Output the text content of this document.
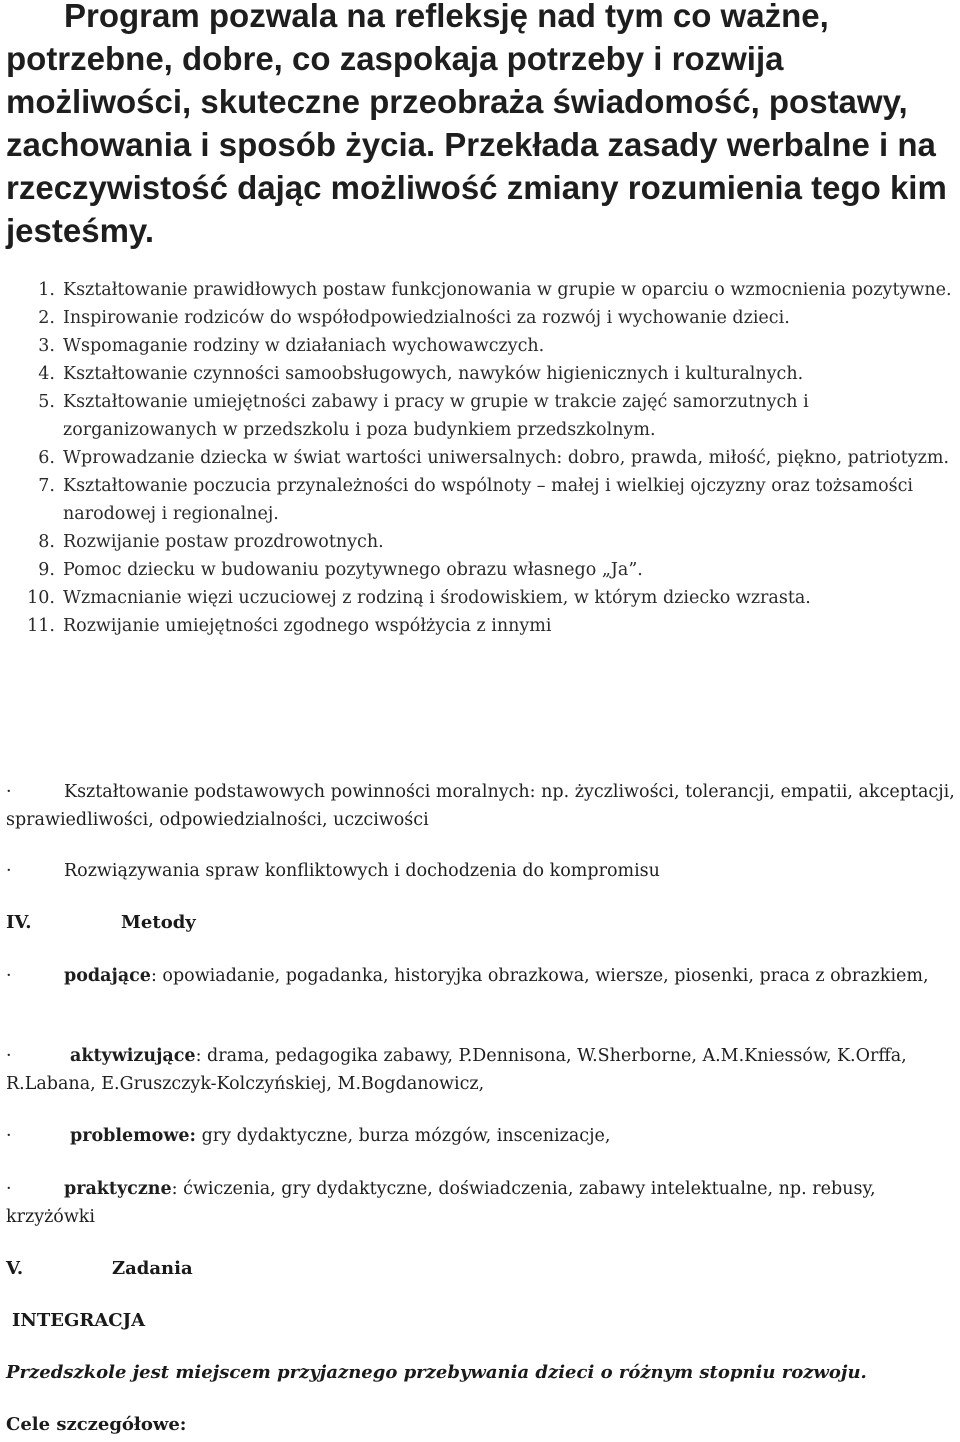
Program pozwala na refleksję nad tym co ważne, potrzebne, dobre, co zaspokaja potrzeby i rozwija możliwości, skuteczne przeobraża świadomość, postawy, zachowania i sposób życia. Przekłada zasady werbalne i na rzeczywistość dając możliwość zmiany rozumienia tego kim jesteśmy.

1. Kształtowanie prawidłowych postaw funkcjonowania w grupie w oparciu o wzmocnienia pozytywne.
2. Inspirowanie rodziców do współodpowiedzialności za rozwój i wychowanie dzieci.
3. Wspomaganie rodziny w działaniach wychowawczych.
4. Kształtowanie czynności samoobsługowych, nawyków higienicznych i kulturalnych.
5. Kształtowanie umiejętności zabawy i pracy w grupie w trakcie zajęć samorzutnych i zorganizowanych w przedszkolu i poza budynkiem przedszkolnym.
6. Wprowadzanie dziecka w świat wartości uniwersalnych: dobro, prawda, miłość, piękno, patriotyzm.
7. Kształtowanie poczucia przynależności do wspólnoty – małej i wielkiej ojczyzny oraz tożsamości narodowej i regionalnej.
8. Rozwijanie postaw prozdrowotnych.
9. Pomoc dziecku w budowaniu pozytywnego obrazu własnego „Ja”.
10. Wzmacnianie więzi uczuciowej z rodziną i środowiskiem, w którym dziecko wzrasta.
11. Rozwijanie umiejętności zgodnego współżycia z innymi

·	Kształtowanie podstawowych powinności moralnych: np. życzliwości, tolerancji, empatii, akceptacji, sprawiedliwości, odpowiedzialności, uczciwości

·	Rozwiązywania spraw konfliktowych i dochodzenia do kompromisu

IV.	Metody

·	podające: opowiadanie, pogadanka, historyjka obrazkowa, wiersze, piosenki, praca z obrazkiem,

·	aktywizujące: drama, pedagogika zabawy, P.Dennisona, W.Sherborne, A.M.Kniessów, K.Orffa, R.Labana, E.Gruszczyk-Kolczyńskiej, M.Bogdanowicz,

·	problemowe: gry dydaktyczne, burza mózgów, inscenizacje,

·	praktyczne: ćwiczenia, gry dydaktyczne, doświadczenia, zabawy intelektualne, np. rebusy, krzyżówki

V.	Zadania

INTEGRACJA

Przedszkole jest miejscem przyjaznego przebywania dzieci o różnym stopniu rozwoju.

Cele szczegółowe:
